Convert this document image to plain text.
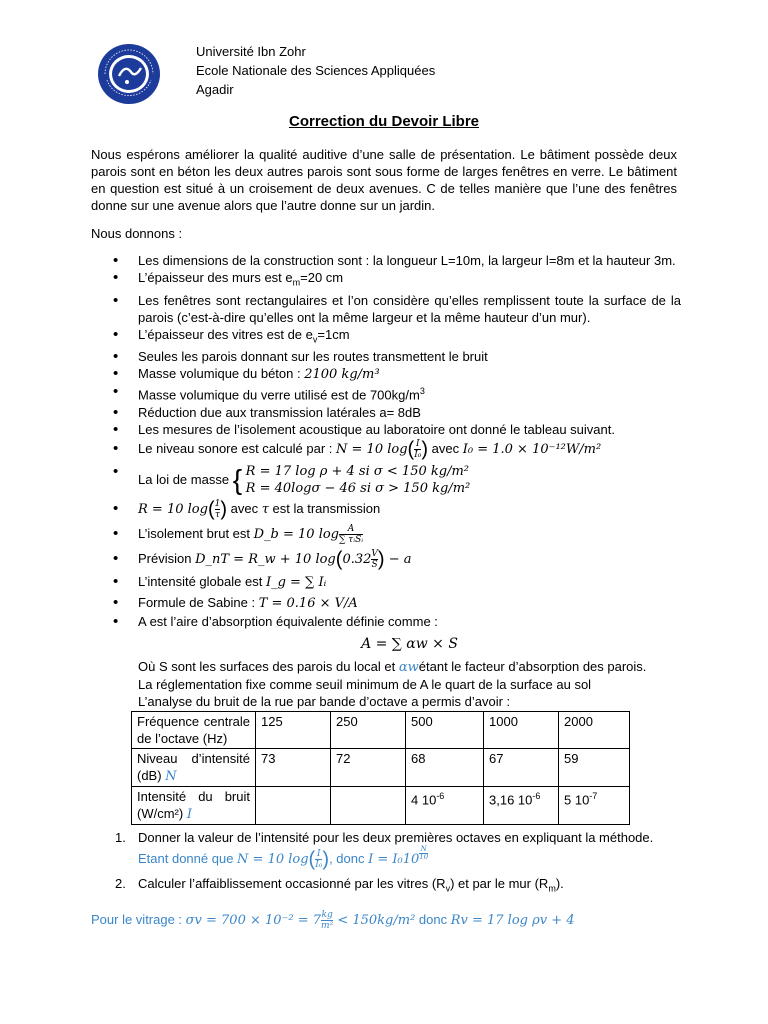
Université Ibn Zohr
Ecole Nationale des Sciences Appliquées
Agadir
Correction du Devoir Libre
Nous espérons améliorer la qualité auditive d’une salle de présentation. Le bâtiment possède deux parois sont en béton les deux autres parois sont sous forme de larges fenêtres en verre. Le bâtiment en question est situé à un croisement de deux avenues. C de telles manière que l’une des fenêtres donne sur une avenue alors que l’autre donne sur un jardin.
Nous donnons :
• Les dimensions de la construction sont : la longueur L=10m, la largeur l=8m et la hauteur 3m.
• L’épaisseur des murs est $e_m=20$ cm
• Les fenêtres sont rectangulaires et l’on considère qu’elles remplissent toute la surface de la parois (c’est-à-dire qu’elles ont la même largeur et la même hauteur d’un mur).
• L’épaisseur des vitres est de $e_v=1cm$
• Seules les parois donnant sur les routes transmettent le bruit
• Masse volumique du béton : 2100 kg/m³
• Masse volumique du verre utilisé est de $700kg/m^3$
• Réduction due aux transmission latérales a= 8dB
• Les mesures de l’isolement acoustique au laboratoire ont donné le tableau suivant.
• Le niveau sonore est calculé par : N = 10 $\log( \frac{I}{\text{I₀}}$ ) avec I₀ = 1.0 × 10⁻¹²W/m²
• La loi de masse { R = 17 log ρ + 4 si σ < 150 kg/m²
R = 40logσ − 46 si σ > 150 kg/m²
• R = 10 $\log( \frac{1}{\tau}$ ) avec τ est la transmission
• L’isolement brut est D_b = 10 $\log \frac{A}{\text{∑ τᵢSᵢ}}$
• Prévision D_nT = R_w + 10 $\log(0.32 \frac{V}{S}$ ) − a
• L’intensité globale est I_g = ∑ Iᵢ
• Formule de Sabine : T = 0.16 × V/A
• A est l’aire d’absorption équivalente définie comme :
A = ∑ αw × S
Où S sont les surfaces des parois du local et αwétant le facteur d’absorption des parois.
La réglementation fixe comme seuil minimum de A le quart de la surface au sol
L’analyse du bruit de la rue par bande d’octave a permis d’avoir :
Fréquence centrale de l’octave (Hz)	125	250	500	1000	2000
Niveau d’intensité (dB) N	73	72	68	67	59
Intensité du bruit (W/cm²) I			4 $10^{-6}$	3,16 $10^{-6}$	5 $10^{-7}$
1. Donner la valeur de l’intensité pour les deux premières octaves en expliquant la méthode.
Etant donné que N = 10 $\log( \frac{I}{\text{I₀}}$ ), donc $I = I_010 \frac{N}{10}$
2. Calculer l’affaiblissement occasionné par les vitres $(R_v)$ et par le mur $(R_m)$.
Pour le vitrage : $\sigma v = 700 \times 10^{-2} = 7 \frac{kg}{\text{m²}} < 150kg/m^2$ donc Rv = 17 log ρv + 4
